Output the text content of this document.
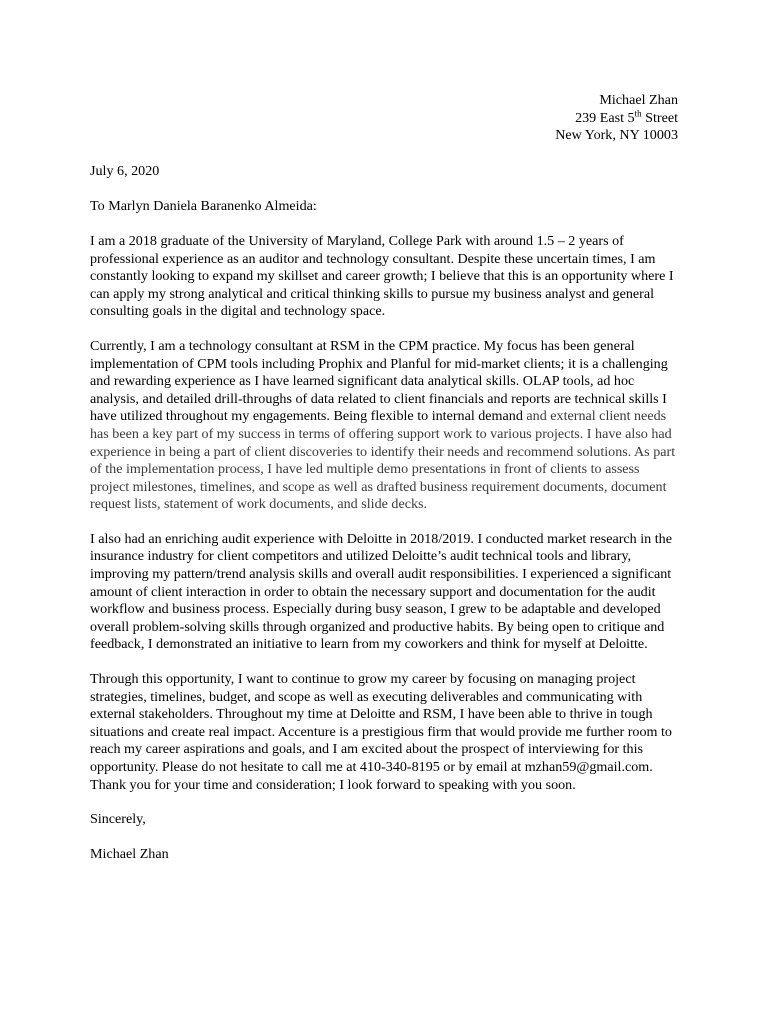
Michael Zhan
239 East 5th Street
New York, NY 10003
July 6, 2020
To Marlyn Daniela Baranenko Almeida:

I am a 2018 graduate of the University of Maryland, College Park with around 1.5 – 2 years of professional experience as an auditor and technology consultant. Despite these uncertain times, I am constantly looking to expand my skillset and career growth; I believe that this is an opportunity where I can apply my strong analytical and critical thinking skills to pursue my business analyst and general consulting goals in the digital and technology space.

Currently, I am a technology consultant at RSM in the CPM practice. My focus has been general implementation of CPM tools including Prophix and Planful for mid-market clients; it is a challenging and rewarding experience as I have learned significant data analytical skills. OLAP tools, ad hoc analysis, and detailed drill-throughs of data related to client financials and reports are technical skills I have utilized throughout my engagements. Being flexible to internal demand and external client needs has been a key part of my success in terms of offering support work to various projects. I have also had experience in being a part of client discoveries to identify their needs and recommend solutions. As part of the implementation process, I have led multiple demo presentations in front of clients to assess project milestones, timelines, and scope as well as drafted business requirement documents, document request lists, statement of work documents, and slide decks.

I also had an enriching audit experience with Deloitte in 2018/2019. I conducted market research in the insurance industry for client competitors and utilized Deloitte’s audit technical tools and library, improving my pattern/trend analysis skills and overall audit responsibilities. I experienced a significant amount of client interaction in order to obtain the necessary support and documentation for the audit workflow and business process. Especially during busy season, I grew to be adaptable and developed overall problem-solving skills through organized and productive habits. By being open to critique and feedback, I demonstrated an initiative to learn from my coworkers and think for myself at Deloitte.

Through this opportunity, I want to continue to grow my career by focusing on managing project strategies, timelines, budget, and scope as well as executing deliverables and communicating with external stakeholders. Throughout my time at Deloitte and RSM, I have been able to thrive in tough situations and create real impact. Accenture is a prestigious firm that would provide me further room to reach my career aspirations and goals, and I am excited about the prospect of interviewing for this opportunity. Please do not hesitate to call me at 410-340-8195 or by email at mzhan59@gmail.com. Thank you for your time and consideration; I look forward to speaking with you soon.

Sincerely,
Michael Zhan
